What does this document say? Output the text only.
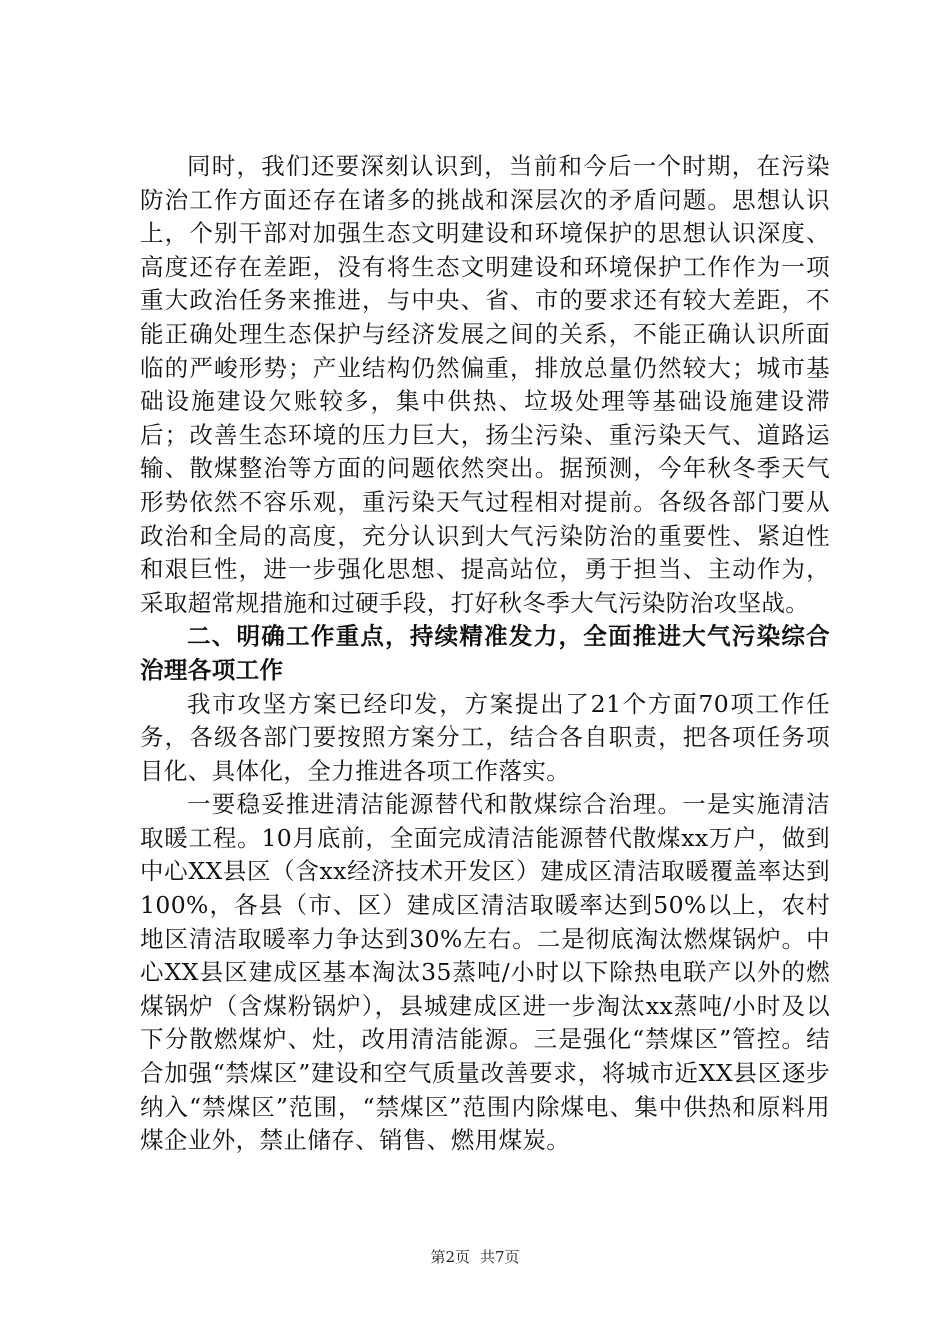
同时，我们还要深刻认识到，当前和今后一个时期，在污染防治工作方面还存在诸多的挑战和深层次的矛盾问题。思想认识上，个别干部对加强生态文明建设和环境保护的思想认识深度、高度还存在差距，没有将生态文明建设和环境保护工作作为一项重大政治任务来推进，与中央、省、市的要求还有较大差距，不能正确处理生态保护与经济发展之间的关系，不能正确认识所面临的严峻形势；产业结构仍然偏重，排放总量仍然较大；城市基础设施建设欠账较多，集中供热、垃圾处理等基础设施建设滞后；改善生态环境的压力巨大，扬尘污染、重污染天气、道路运输、散煤整治等方面的问题依然突出。据预测，今年秋冬季天气形势依然不容乐观，重污染天气过程相对提前。各级各部门要从政治和全局的高度，充分认识到大气污染防治的重要性、紧迫性和艰巨性，进一步强化思想、提高站位，勇于担当、主动作为，采取超常规措施和过硬手段，打好秋冬季大气污染防治攻坚战。

二、明确工作重点，持续精准发力，全面推进大气污染综合治理各项工作

我市攻坚方案已经印发，方案提出了21个方面70项工作任务，各级各部门要按照方案分工，结合各自职责，把各项任务项目化、具体化，全力推进各项工作落实。

一要稳妥推进清洁能源替代和散煤综合治理。一是实施清洁取暖工程。10月底前，全面完成清洁能源替代散煤xx万户，做到中心XX县区（含xx经济技术开发区）建成区清洁取暖覆盖率达到100%，各县（市、区）建成区清洁取暖率达到50%以上，农村地区清洁取暖率力争达到30%左右。二是彻底淘汰燃煤锅炉。中心XX县区建成区基本淘汰35蒸吨/小时以下除热电联产以外的燃煤锅炉（含煤粉锅炉），县城建成区进一步淘汰xx蒸吨/小时及以下分散燃煤炉、灶，改用清洁能源。三是强化“禁煤区”管控。结合加强“禁煤区”建设和空气质量改善要求，将城市近XX县区逐步纳入“禁煤区”范围，“禁煤区”范围内除煤电、集中供热和原料用煤企业外，禁止储存、销售、燃用煤炭。

第2页 共7页
